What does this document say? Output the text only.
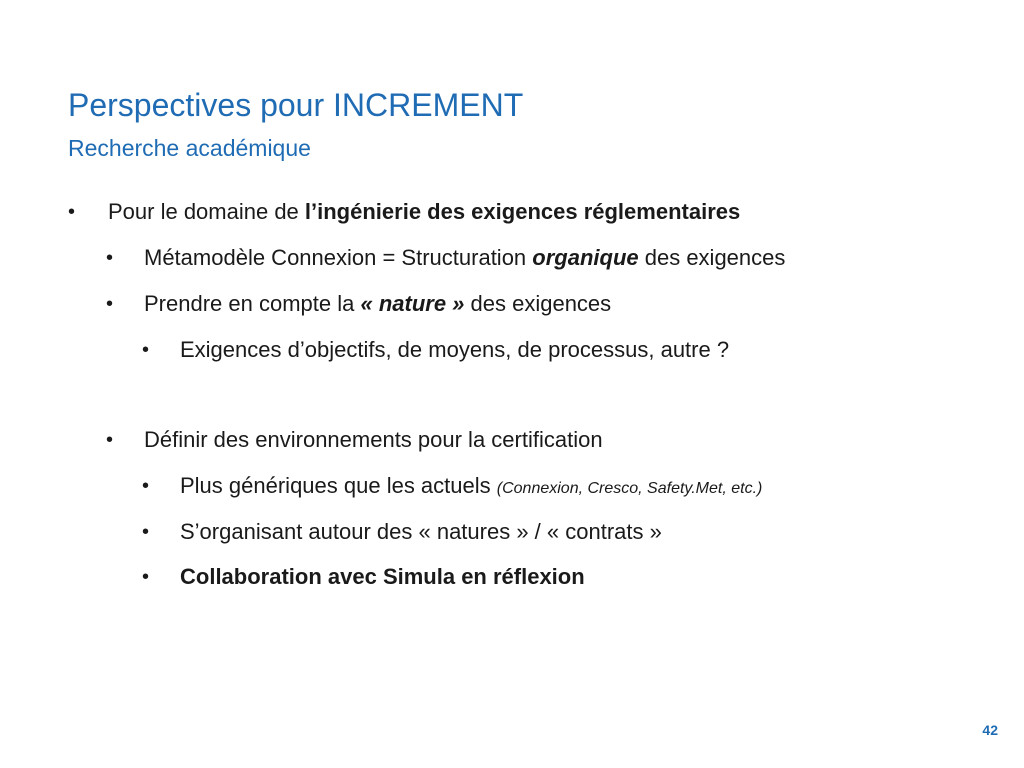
Perspectives pour INCREMENT
Recherche académique
• Pour le domaine de l’ingénierie des exigences réglementaires
• Métamodèle Connexion = Structuration organique des exigences
• Prendre en compte la « nature » des exigences
• Exigences d’objectifs, de moyens, de processus, autre ?
• Définir des environnements pour la certification
• Plus génériques que les actuels (Connexion, Cresco, Safety.Met, etc.)
• S’organisant autour des « natures » / « contrats »
• Collaboration avec Simula en réflexion
42
